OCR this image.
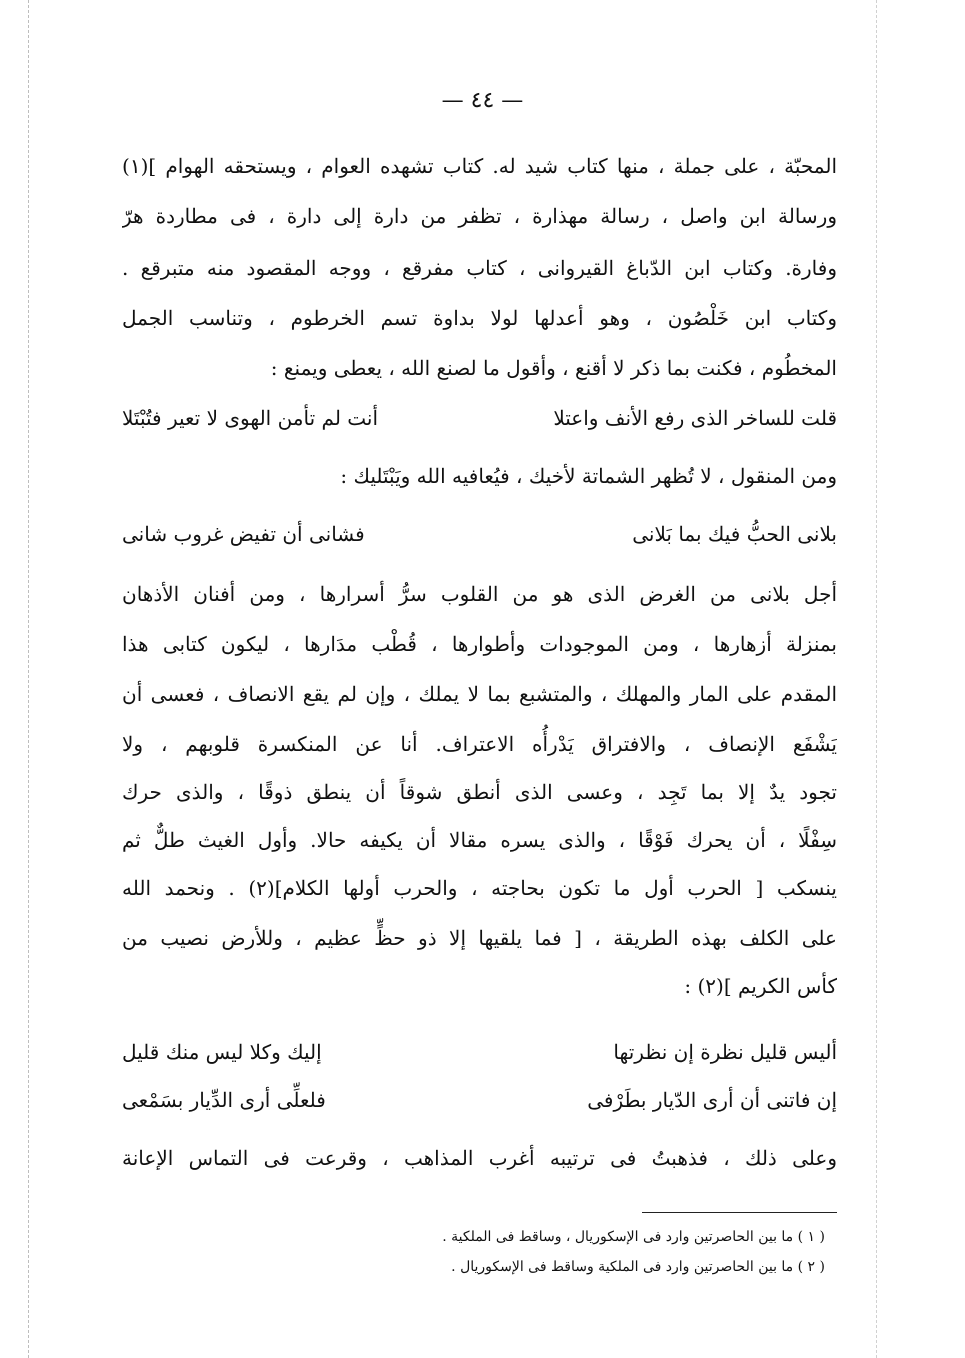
— ٤٤ —
المحبّة ، على جملة ، منها كتاب شيد له. كتاب تشهده العوام ، ويستحقه الهوام ](١)
ورسالة ابن واصل ، رسالة مهذارة ، تظفر من دارة إلى دارة ، فى مطاردة هرّ
وفارة. وكتاب ابن الدّباغ القيروانى ، كتاب مفرقع ، ووجه المقصود منه متبرقع .
وكتاب ابن خَلْصُون ، وهو أعدلها لولا بداوة تسم الخرطوم ، وتناسب الجمل
المخطُوم ، فكنت بما ذكر لا أقنع ، وأقول ما لصنع الله ، يعطى ويمنع :
قلت للساخر الذى رفع الأنف واعتلا
أنت لم تأمن الهوى لا تعير فتُبْتَلا
ومن المنقول ، لا تُظهر الشماتة لأخيك ، فيُعافيه الله ويَبْتَليك :
بلانى الحبُّ فيك بما بَلانى
فشانى أن تفيض غروب شانى
أجل بلانى من الغرض الذى هو من القلوب سرُّ أسرارها ، ومن أفنان الأذهان
بمنزلة أزهارها ، ومن الموجودات وأطوارها ، قُطْب مدَارها ، ليكون كتابى هذا
المقدم على المار والمهلك ، والمتشبع بما لا يملك ، وإن لم يقع الانصاف ، فعسى أن
يَشْفَع الإنصاف ، والافتراق يَدْرأُه الاعتراف. أنا عن المنكسرة قلوبهم ، ولا
تجود يدٌ إلا بما تَجِد ، وعسى الذى أنطق شوقاً أن ينطق ذوقًا ، والذى حرك
سِفْلًا ، أن يحرك فَوْقًا ، والذى يسره مقالا أن يكيفه حالا. وأول الغيث طلٌّ ثم
ينسكب [ الحرب أول ما تكون بحاجته ، والحرب أولها الكلام](٢) . ونحمد الله
على الكلف بهذه الطريقة ، [ فما يلقيها إلا ذو حظٍّ عظيم ، وللأرض نصيب من
كأس الكريم ](٢) :
أليس قليل نظرة إن نظرتها
إليك وكلا ليس منك قليل
إن فاتنى أن أرى الدّيار بطَرْفى
فلعلِّى أرى الدِّيار بسَمْعى
وعلى ذلك ، فذهبتُ فى ترتيبه أغرب المذاهب ، وقرعت فى التماس الإعانة
( ١ ) ما بين الحاصرتين وارد فى الإسكوريال ، وساقط فى الملكية .
( ٢ ) ما بين الحاصرتين وارد فى الملكية وساقط فى الإسكوريال .
